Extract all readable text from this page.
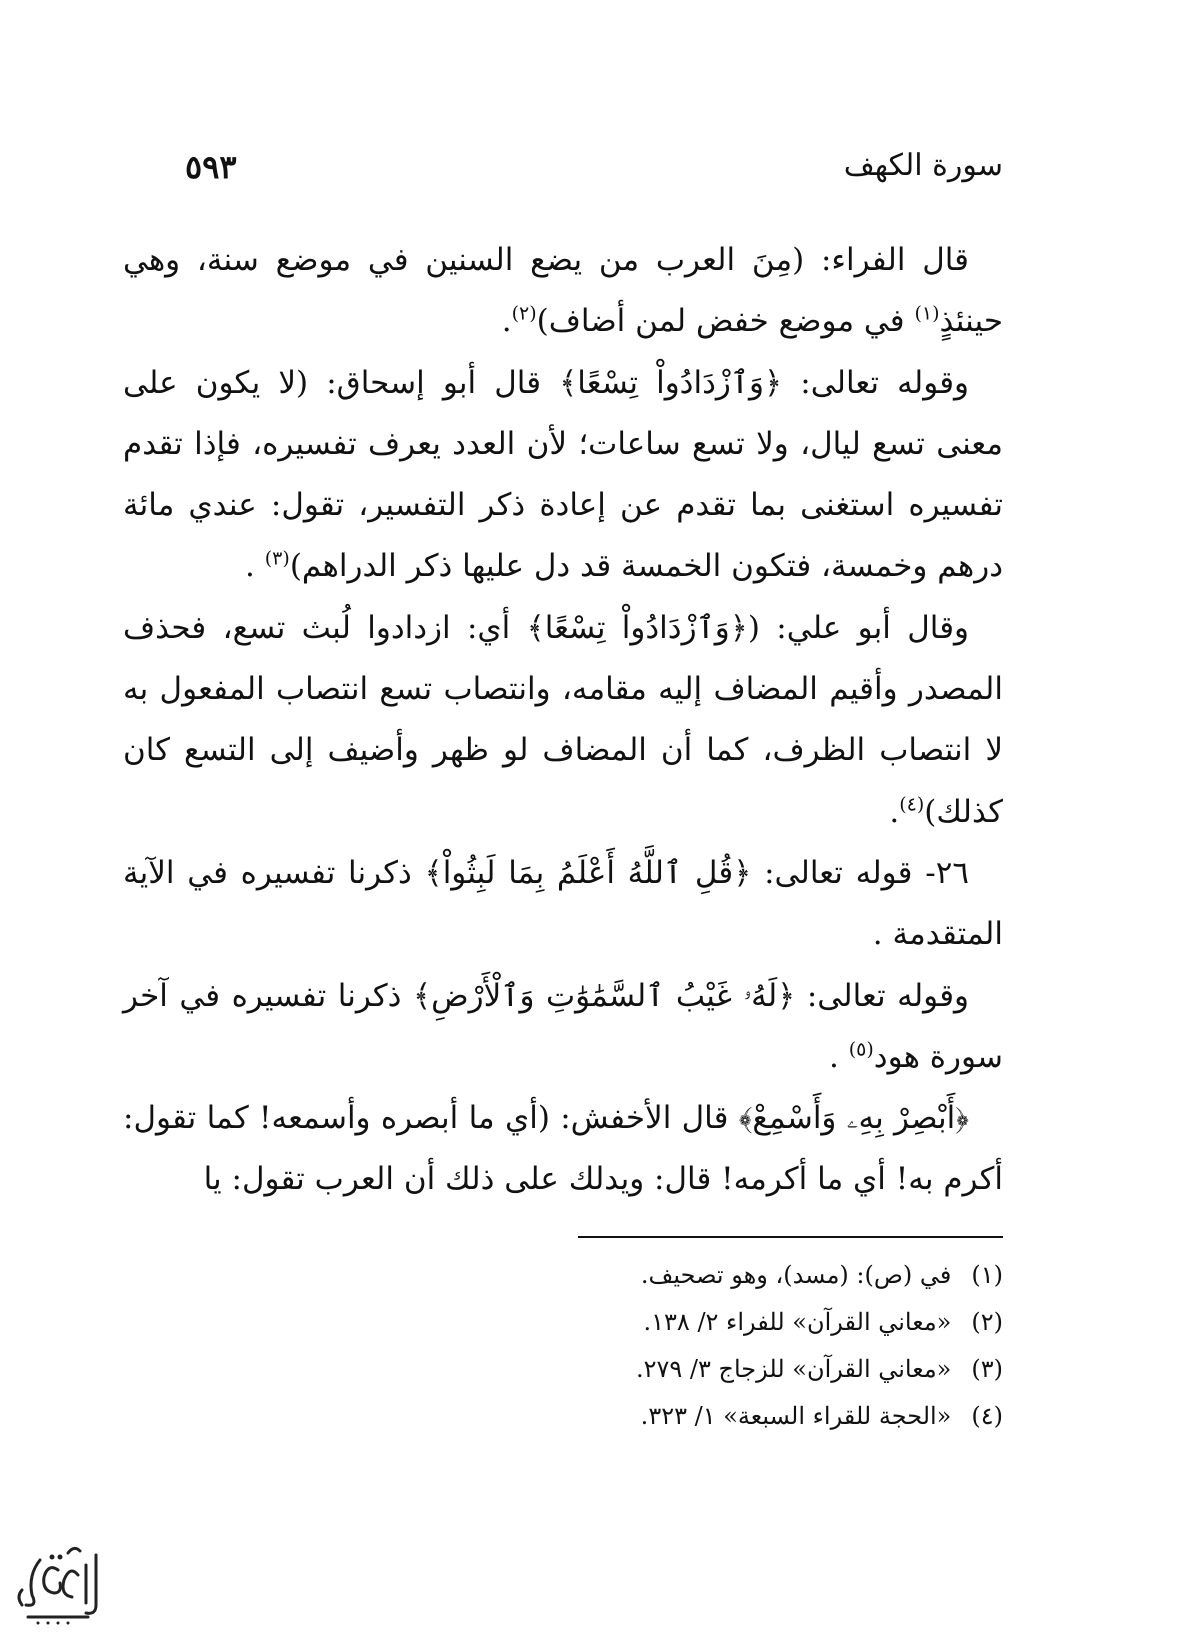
سورة الكهف
٥٩٣

قال الفراء: (مِنَ العرب من يضع السنين في موضع سنة، وهي حينئذٍ$^{(١)}$ في موضع خفض لمن أضاف)$^{(٢)}$.

وقوله تعالى: ﴿وَٱزْدَادُواْ تِسْعًا﴾ قال أبو إسحاق: (لا يكون على معنى تسع ليال، ولا تسع ساعات؛ لأن العدد يعرف تفسيره، فإذا تقدم تفسيره استغنى بما تقدم عن إعادة ذكر التفسير، تقول: عندي مائة درهم وخمسة، فتكون الخمسة قد دل عليها ذكر الدراهم)$^{(٣)}$ .

وقال أبو علي: (﴿وَٱزْدَادُواْ تِسْعًا﴾ أي: ازدادوا لُبث تسع، فحذف المصدر وأقيم المضاف إليه مقامه، وانتصاب تسع انتصاب المفعول به لا انتصاب الظرف، كما أن المضاف لو ظهر وأضيف إلى التسع كان كذلك)$^{(٤)}$.

٢٦- قوله تعالى: ﴿قُلِ ٱللَّهُ أَعْلَمُ بِمَا لَبِثُواْ﴾ ذكرنا تفسيره في الآية المتقدمة .

وقوله تعالى: ﴿لَهُۥ غَيْبُ ٱلسَّمَٰوَٰتِ وَٱلْأَرْضِ﴾ ذكرنا تفسيره في آخر سورة هود$^{(٥)}$ .

﴿أَبْصِرْ بِهِۦ وَأَسْمِعْ﴾ قال الأخفش: (أي ما أبصره وأسمعه! كما تقول: أكرم به! أي ما أكرمه! قال: ويدلك على ذلك أن العرب تقول: يا

(١) في (ص): (مسد)، وهو تصحيف.
(٢) «معاني القرآن» للفراء ٢/ ١٣٨.
(٣) «معاني القرآن» للزجاج ٣/ ٢٧٩.
(٤) «الحجة للقراء السبعة» ١/ ٣٢٣.
